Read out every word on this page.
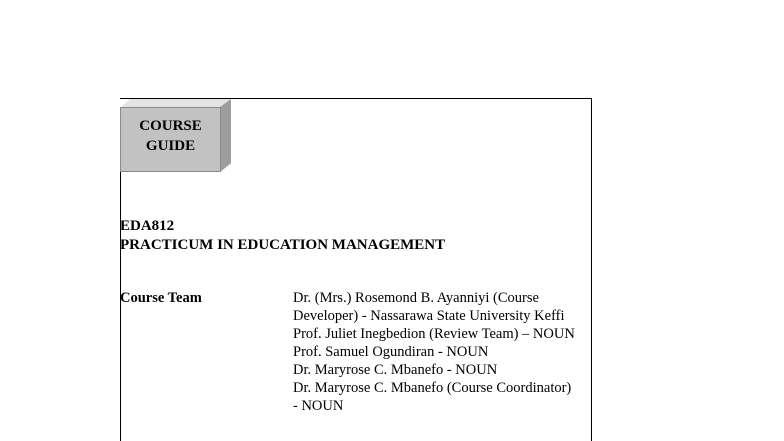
COURSE
GUIDE
EDA812
PRACTICUM IN EDUCATION MANAGEMENT
Course Team	Dr. (Mrs.) Rosemond B. Ayanniyi (Course Developer) - Nassarawa State University Keffi
Prof. Juliet Inegbedion (Review Team) – NOUN
Prof. Samuel Ogundiran - NOUN
Dr. Maryrose C. Mbanefo - NOUN
Dr. Maryrose C. Mbanefo (Course Coordinator) - NOUN
